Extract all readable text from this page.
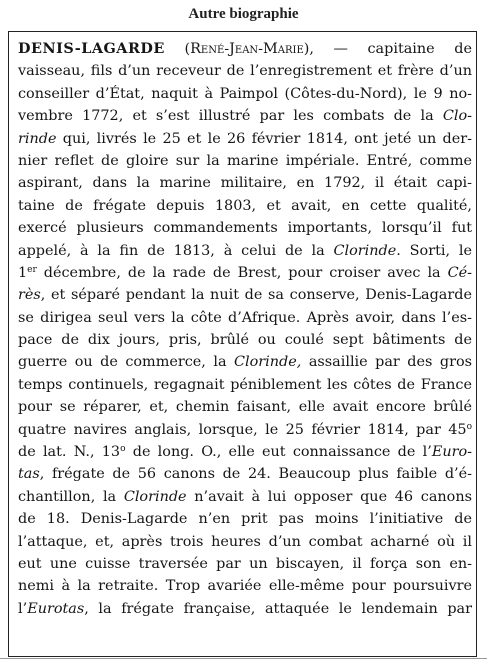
Autre biographie
DENIS-LAGARDE (René-Jean-Marie), — capitaine de
vaisseau, fils d’un receveur de l’enregistrement et frère d’un
conseiller d’État, naquit à Paimpol (Côtes-du-Nord), le 9 no-
vembre 1772, et s’est illustré par les combats de la Clo-
rinde qui, livrés le 25 et le 26 février 1814, ont jeté un der-
nier reflet de gloire sur la marine impériale. Entré, comme
aspirant, dans la marine militaire, en 1792, il était capi-
taine de frégate depuis 1803, et avait, en cette qualité,
exercé plusieurs commandements importants, lorsqu’il fut
appelé, à la fin de 1813, à celui de la Clorinde. Sorti, le
1er décembre, de la rade de Brest, pour croiser avec la Cé-
rès, et séparé pendant la nuit de sa conserve, Denis-Lagarde
se dirigea seul vers la côte d’Afrique. Après avoir, dans l’es-
pace de dix jours, pris, brûlé ou coulé sept bâtiments de
guerre ou de commerce, la Clorinde, assaillie par des gros
temps continuels, regagnait péniblement les côtes de France
pour se réparer, et, chemin faisant, elle avait encore brûlé
quatre navires anglais, lorsque, le 25 février 1814, par 45$^o$
de lat. N., 13$^o$ de long. O., elle eut connaissance de l’Euro-
tas, frégate de 56 canons de 24. Beaucoup plus faible d’é-
chantillon, la Clorinde n’avait à lui opposer que 46 canons
de 18. Denis-Lagarde n’en prit pas moins l’initiative de
l’attaque, et, après trois heures d’un combat acharné où il
eut une cuisse traversée par un biscayen, il força son en-
nemi à la retraite. Trop avariée elle-même pour poursuivre
l’Eurotas, la frégate française, attaquée le lendemain par
